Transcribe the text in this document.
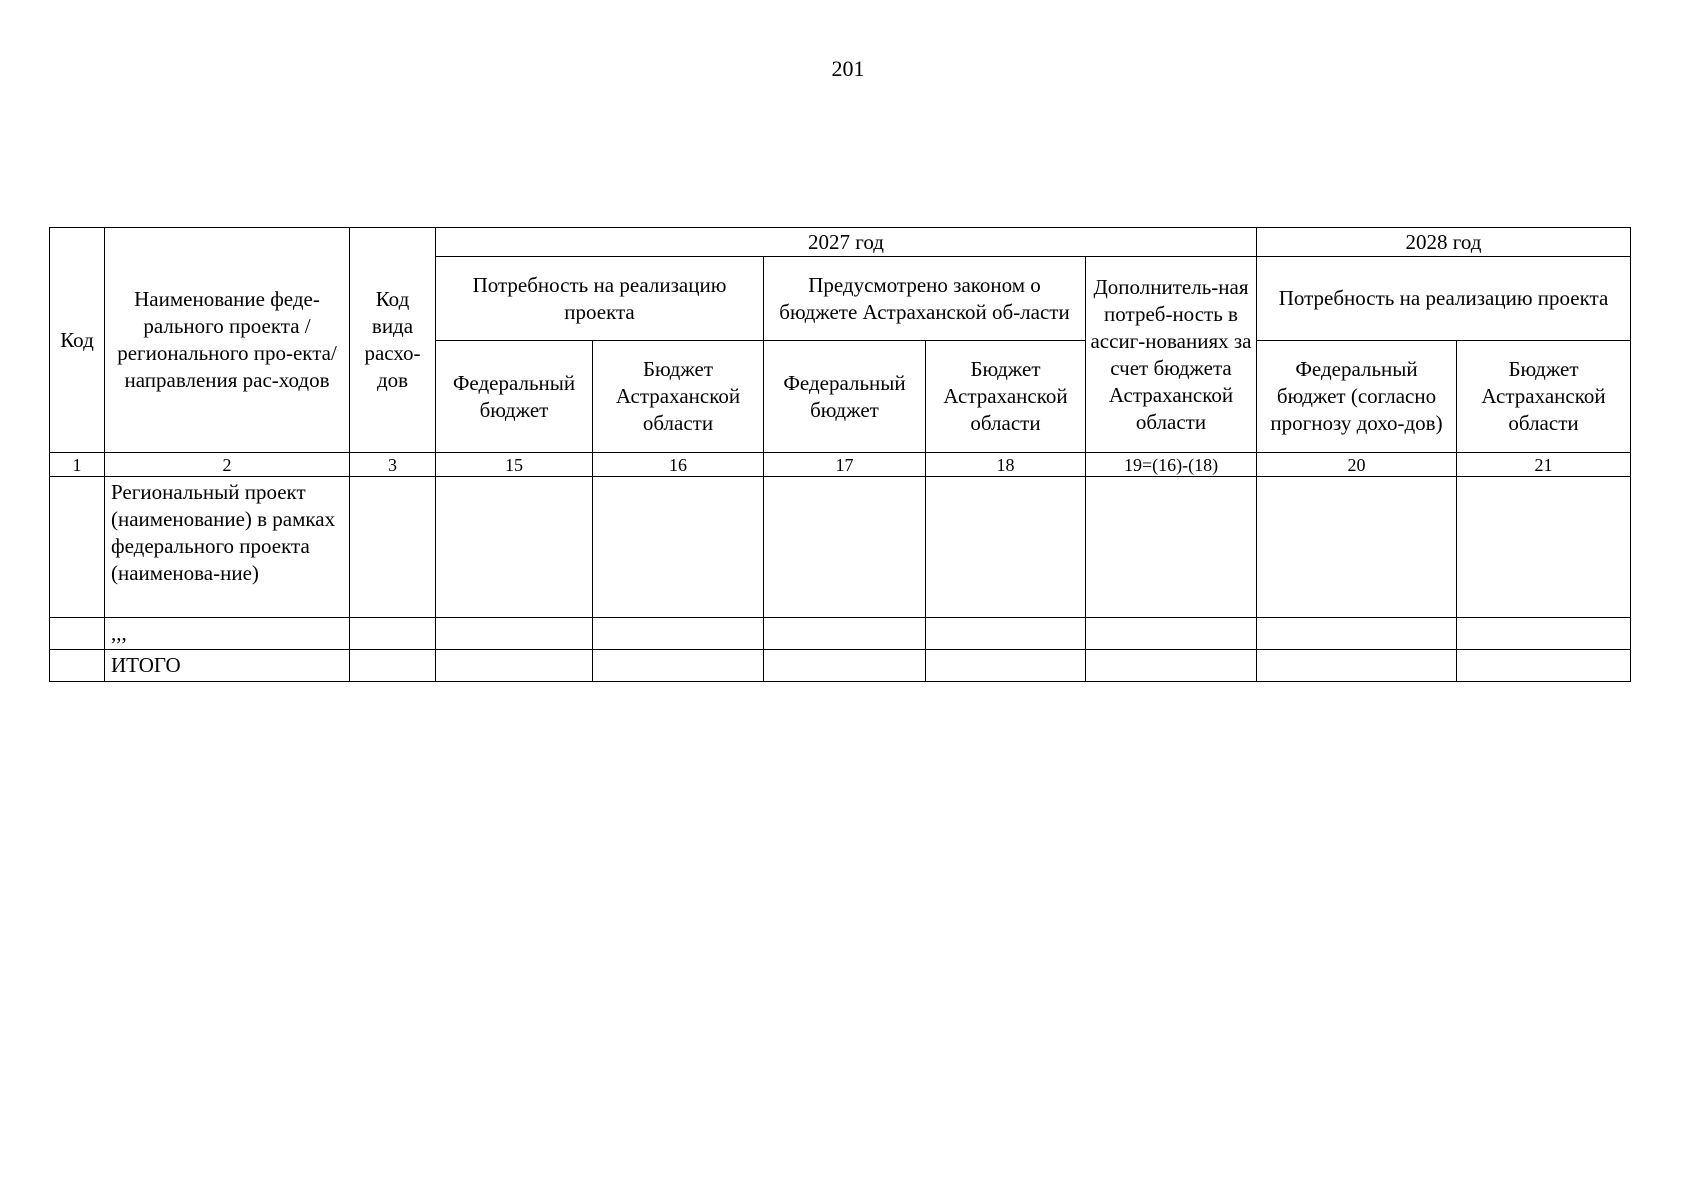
201
Код	Наименование феде-рального проекта /регионального про-екта/направления рас-ходов	Код вида расхо-дов	2027 год					2028 год	
			Потребность на реализацию проекта		Предусмотрено законом о бюджете Астраханской об-ласти		Дополнитель-ная потреб-ность в ассиг-нованиях за счет бюджета Астраханской области	Потребность на реализацию проекта	
			Федеральный бюджет	Бюджет Астраханской области	Федеральный бюджет	Бюджет Астраханской области		Федеральный бюджет (согласно прогнозу дохо-дов)	Бюджет Астраханской области
1	2	3	15	16	17	18	19=(16)-(18)	20	21
	Региональный проект (наименование) в рамках федерального проекта (наименова-ние)								
	,,,								
	ИТОГО								
